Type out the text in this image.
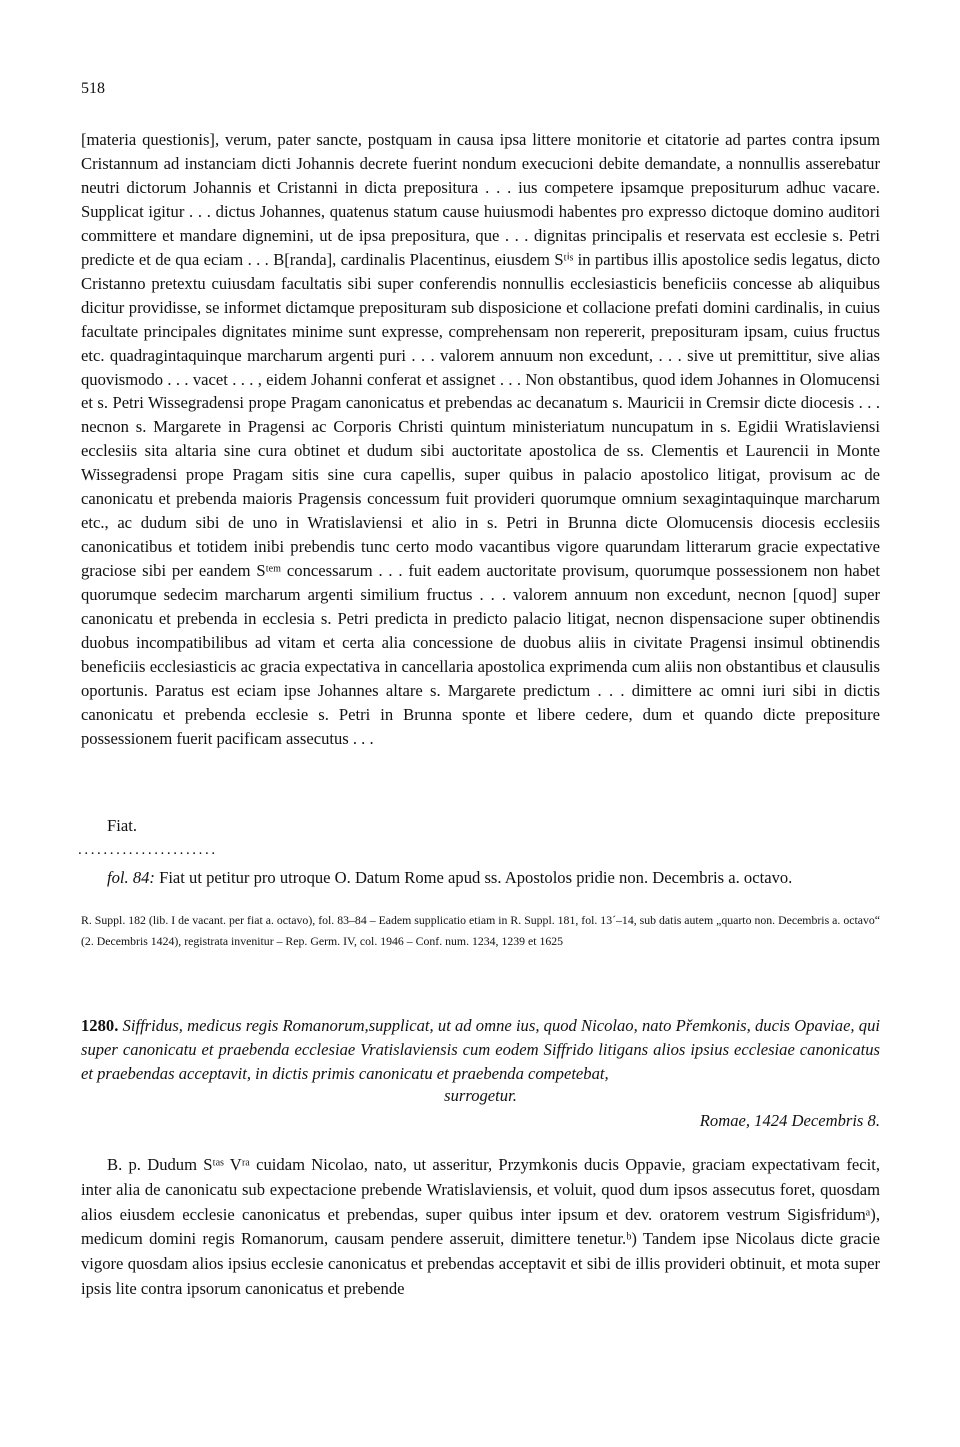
518

[materia questionis], verum, pater sancte, postquam in causa ipsa littere monitorie et citatorie ad partes contra ipsum Cristannum ad instanciam dicti Johannis decrete fuerint nondum execucioni debite demandate, a nonnullis asserebatur neutri dictorum Johannis et Cristanni in dicta prepositura . . . ius competere ipsamque prepositurum adhuc vacare. Supplicat igitur . . . dictus Johannes, quatenus statum cause huiusmodi habentes pro expresso dictoque domino auditori committere et mandare dignemini, ut de ipsa prepositura, que . . . dignitas principalis et reservata est ecclesie s. Petri predicte et de qua eciam . . . B[randa], cardinalis Placentinus, eiusdem Sᵗⁱˢ in partibus illis apostolice sedis legatus, dicto Cristanno pretextu cuiusdam facultatis sibi super conferendis nonnullis ecclesiasticis beneficiis concesse ab aliquibus dicitur providisse, se informet dictamque preposituram sub disposicione et collacione prefati domini cardinalis, in cuius facultate principales dignitates minime sunt expresse, comprehensam non repererit, preposituram ipsam, cuius fructus etc. quadragintaquinque marcharum argenti puri . . . valorem annuum non excedunt, . . . sive ut premittitur, sive alias quovismodo . . . vacet . . . , eidem Johanni conferat et assignet . . . Non obstantibus, quod idem Johannes in Olomucensi et s. Petri Wissegradensi prope Pragam canonicatus et prebendas ac decanatum s. Mauricii in Cremsir dicte diocesis . . . necnon s. Margarete in Pragensi ac Corporis Christi quintum ministeriatum nuncupatum in s. Egidii Wratislaviensi ecclesiis sita altaria sine cura obtinet et dudum sibi auctoritate apostolica de ss. Clementis et Laurencii in Monte Wissegradensi prope Pragam sitis sine cura capellis, super quibus in palacio apostolico litigat, provisum ac de canonicatu et prebenda maioris Pragensis concessum fuit provideri quorumque omnium sexagintaquinque marcharum etc., ac dudum sibi de uno in Wratislaviensi et alio in s. Petri in Brunna dicte Olomucensis diocesis ecclesiis canonicatibus et totidem inibi prebendis tunc certo modo vacantibus vigore quarundam litterarum gracie expectative graciose sibi per eandem Sᵗᵉᵐ concessarum . . . fuit eadem auctoritate provisum, quorumque possessionem non habet quorumque sedecim marcharum argenti similium fructus . . . valorem annuum non excedunt, necnon [quod] super canonicatu et prebenda in ecclesia s. Petri predicta in predicto palacio litigat, necnon dispensacione super obtinendis duobus incompatibilibus ad vitam et certa alia concessione de duobus aliis in civitate Pragensi insimul obtinendis beneficiis ecclesiasticis ac gracia expectativa in cancellaria apostolica exprimenda cum aliis non obstantibus et clausulis oportunis. Paratus est eciam ipse Johannes altare s. Margarete predictum . . . dimittere ac omni iuri sibi in dictis canonicatu et prebenda ecclesie s. Petri in Brunna sponte et libere cedere, dum et quando dicte prepositure possessionem fuerit pacificam assecutus . . .

Fiat.
......................
fol. 84: Fiat ut petitur pro utroque O. Datum Rome apud ss. Apostolos pridie non. Decembris a. octavo.

R. Suppl. 182 (lib. I de vacant. per fiat a. octavo), fol. 83–84 – Eadem supplicatio etiam in R. Suppl. 181, fol. 13´–14, sub datis autem „quarto non. Decembris a. octavo“ (2. Decembris 1424), registrata invenitur – Rep. Germ. IV, col. 1946 – Conf. num. 1234, 1239 et 1625

1280. Siffridus, medicus regis Romanorum,supplicat, ut ad omne ius, quod Nicolao, nato Přemkonis, ducis Opaviae, qui super canonicatu et praebenda ecclesiae Vratislaviensis cum eodem Siffrido litigans alios ipsius ecclesiae canonicatus et praebendas acceptavit, in dictis primis canonicatu et praebenda competebat,

surrogetur.
Romae, 1424 Decembris 8.

B. p. Dudum Sᵗᵃˢ Vʳᵃ cuidam Nicolao, nato, ut asseritur, Przymkonis ducis Oppavie, graciam expectativam fecit, inter alia de canonicatu sub expectacione prebende Wratislaviensis, et voluit, quod dum ipsos assecutus foret, quosdam alios eiusdem ecclesie canonicatus et prebendas, super quibus inter ipsum et dev. oratorem vestrum Sigisfridumᵃ), medicum domini regis Romanorum, causam pendere asseruit, dimittere tenetur.ᵇ) Tandem ipse Nicolaus dicte gracie vigore quosdam alios ipsius ecclesie canonicatus et prebendas acceptavit et sibi de illis provideri obtinuit, et mota super ipsis lite contra ipsorum canonicatus et prebende
